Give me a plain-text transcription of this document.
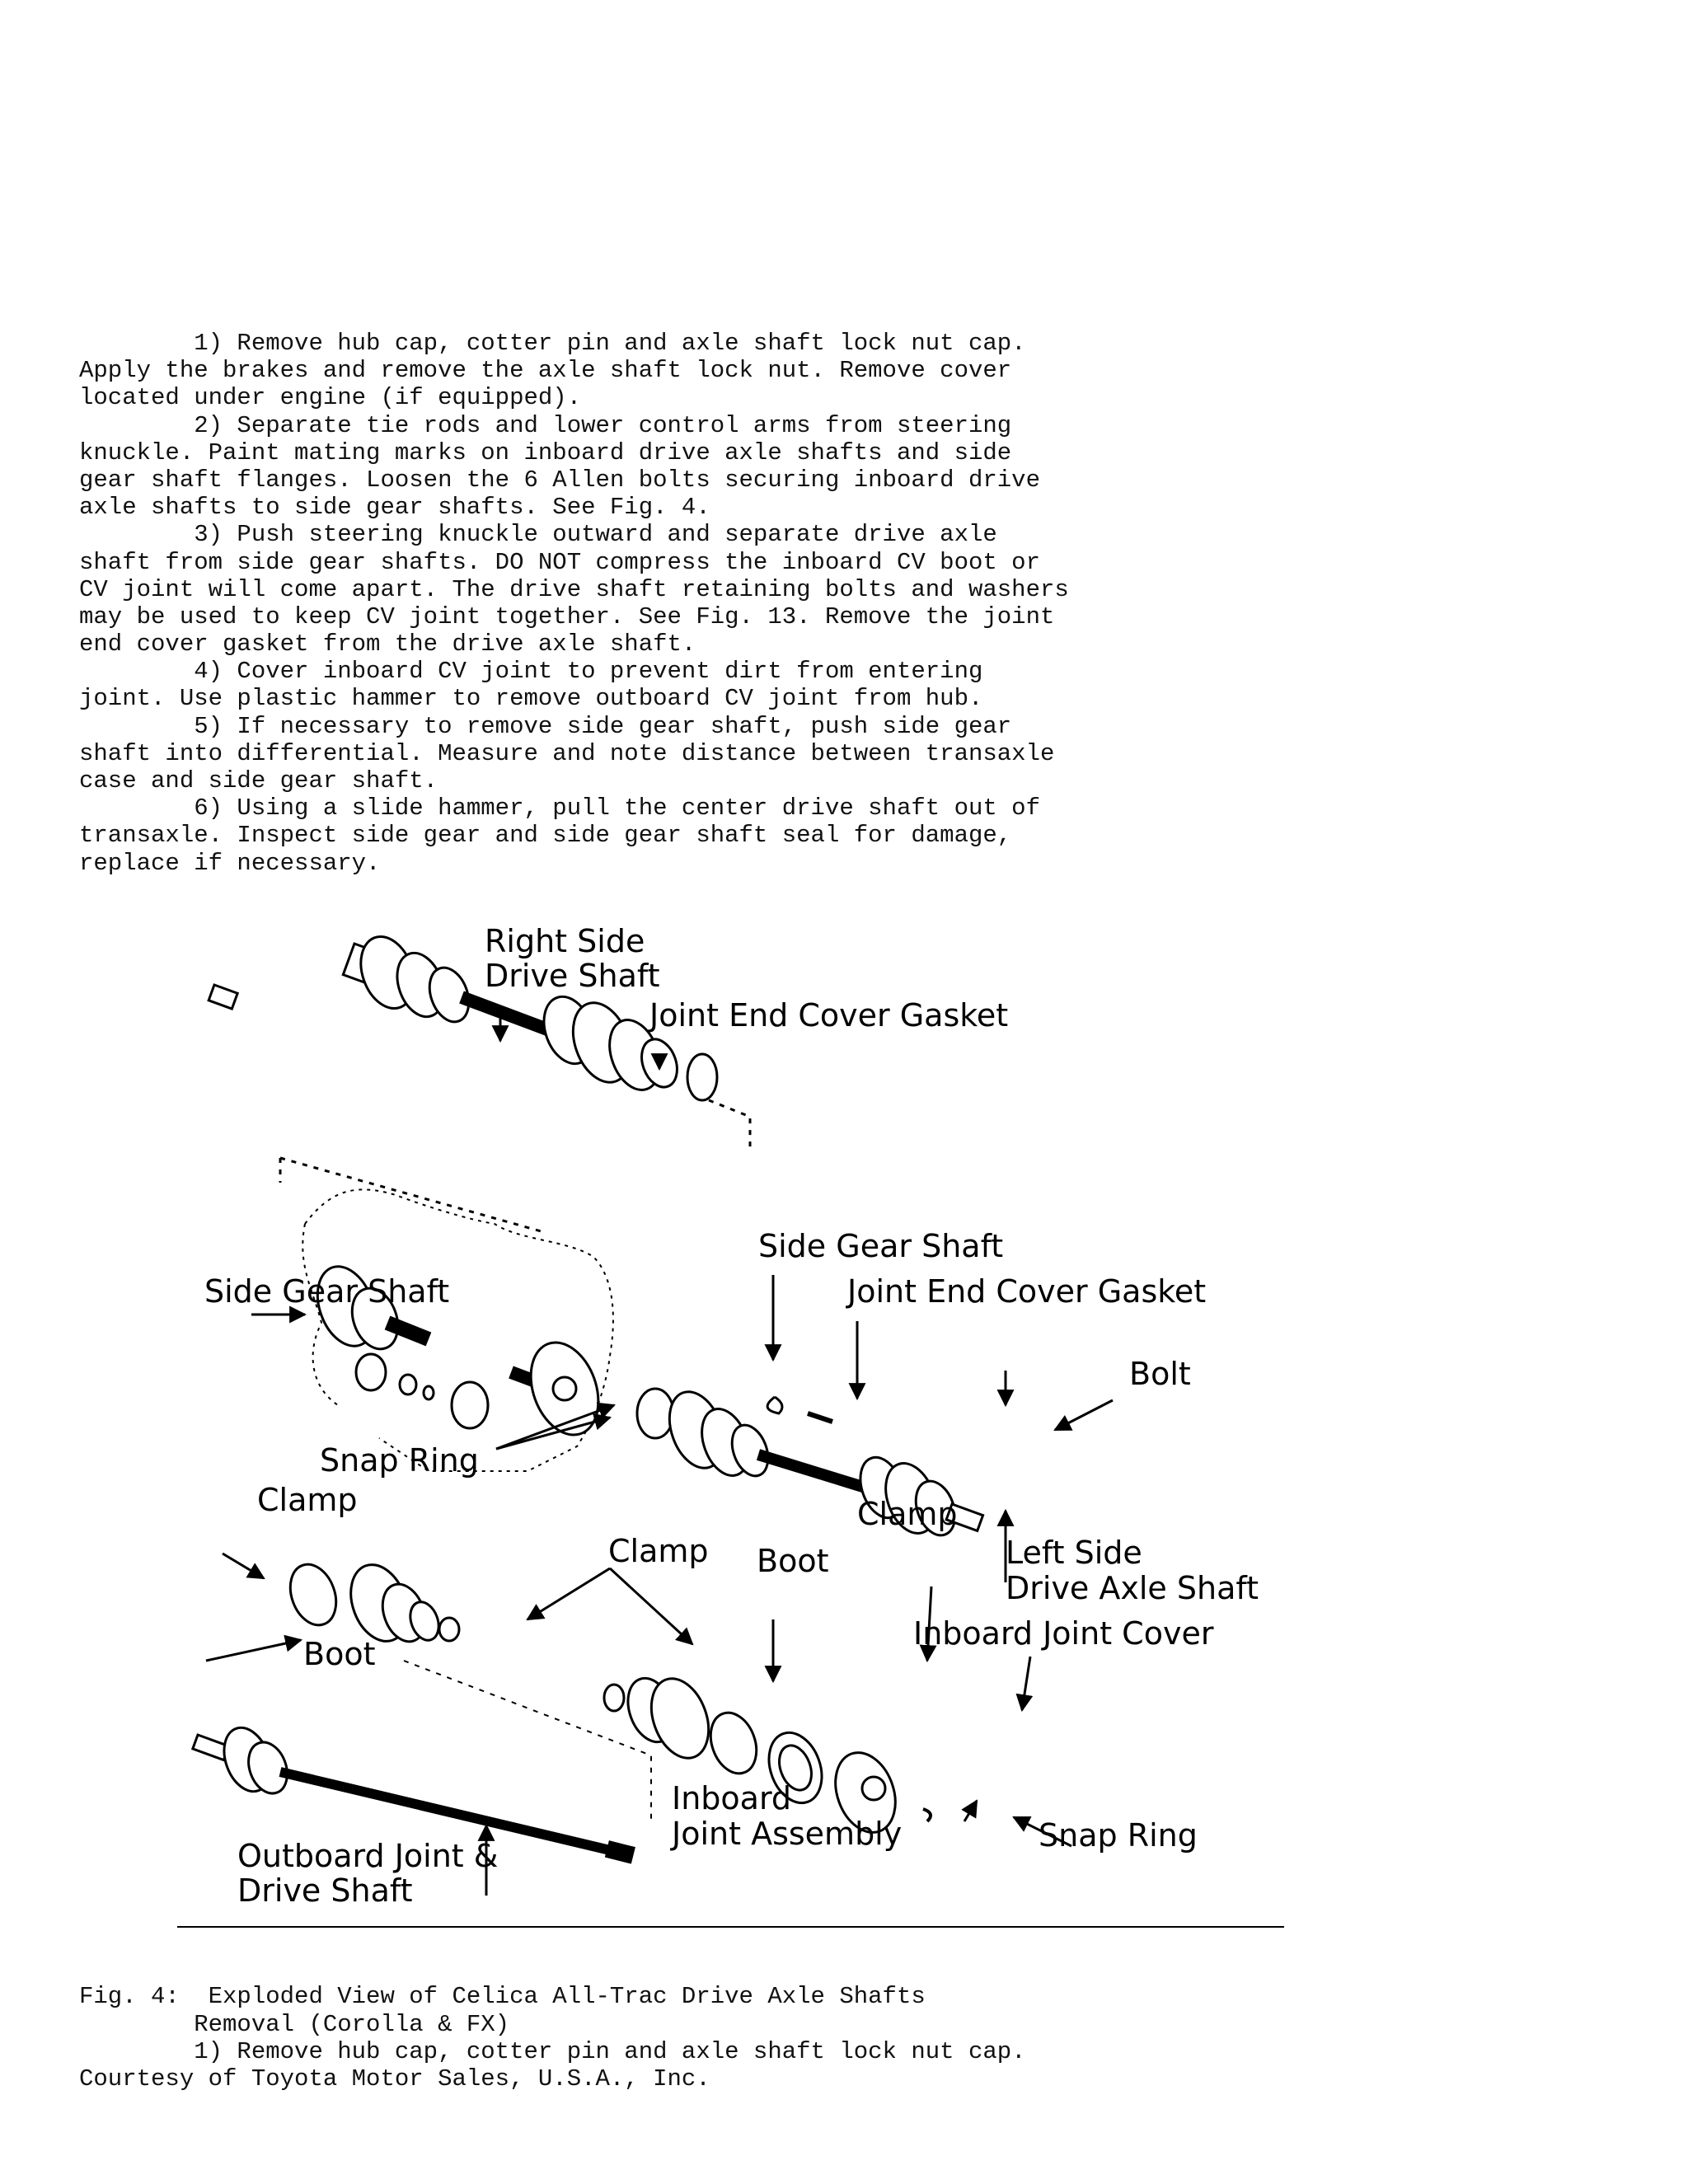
1) Remove hub cap, cotter pin and axle shaft lock nut cap.
Apply the brakes and remove the axle shaft lock nut. Remove cover
located under engine (if equipped).
2) Separate tie rods and lower control arms from steering
knuckle. Paint mating marks on inboard drive axle shafts and side
gear shaft flanges. Loosen the 6 Allen bolts securing inboard drive
axle shafts to side gear shafts. See Fig. 4.
3) Push steering knuckle outward and separate drive axle
shaft from side gear shafts. DO NOT compress the inboard CV boot or
CV joint will come apart. The drive shaft retaining bolts and washers
may be used to keep CV joint together. See Fig. 13. Remove the joint
end cover gasket from the drive axle shaft.
4) Cover inboard CV joint to prevent dirt from entering
joint. Use plastic hammer to remove outboard CV joint from hub.
5) If necessary to remove side gear shaft, push side gear
shaft into differential. Measure and note distance between transaxle
case and side gear shaft.
6) Using a slide hammer, pull the center drive shaft out of
transaxle. Inspect side gear and side gear shaft seal for damage,
replace if necessary.
Right Side
Drive Shaft
Joint End Cover Gasket
Side Gear Shaft
Side Gear Shaft	Joint End Cover Gasket
Bolt
Snap Ring
Clamp
Clamp
Clamp
Boot	Left Side
Drive Axle Shaft
Inboard Joint Cover
Boot
Inboard
Joint Assembly	Snap Ring
Outboard Joint &
Drive Shaft

Fig. 4:  Exploded View of Celica All-Trac Drive Axle Shafts

Courtesy of Toyota Motor Sales, U.S.A., Inc.

Removal (Corolla & FX)
1) Remove hub cap, cotter pin and axle shaft lock nut cap.
